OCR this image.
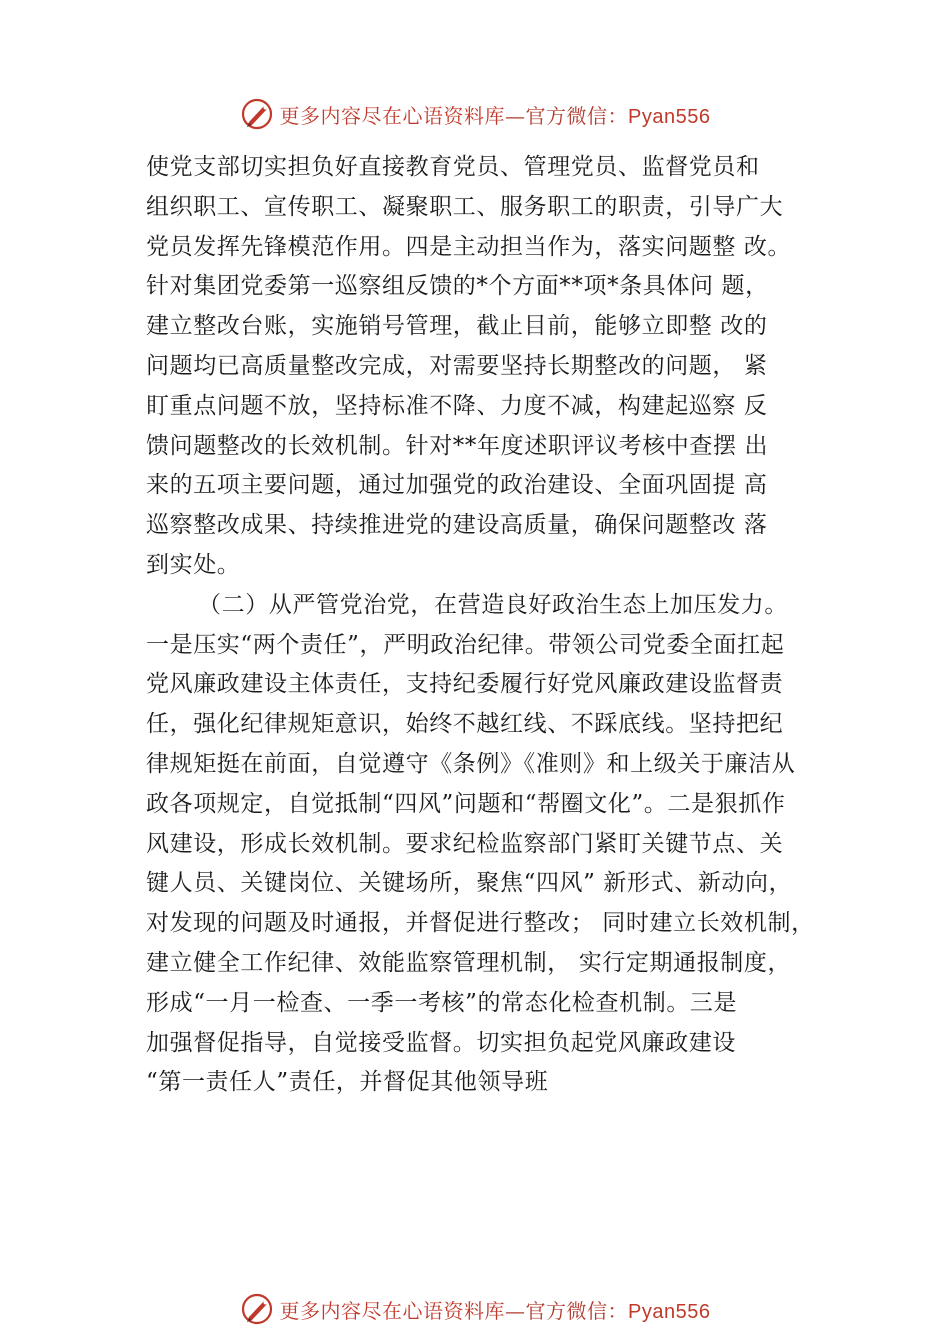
更多内容尽在心语资料库—官方微信：Pyan556
使党支部切实担负好直接教育党员、管理党员、监督党员和
组织职工、宣传职工、凝聚职工、服务职工的职责，引导广大
党员发挥先锋模范作用。四是主动担当作为，落实问题整 改。
针对集团党委第一巡察组反馈的*个方面**项*条具体问 题，
建立整改台账，实施销号管理，截止目前，能够立即整 改的
问题均已高质量整改完成，对需要坚持长期整改的问题， 紧
盯重点问题不放，坚持标准不降、力度不减，构建起巡察 反
馈问题整改的长效机制。针对**年度述职评议考核中查摆 出
来的五项主要问题，通过加强党的政治建设、全面巩固提 高
巡察整改成果、持续推进党的建设高质量，确保问题整改 落
到实处。
（二）从严管党治党，在营造良好政治生态上加压发力。
一是压实“两个责任”，严明政治纪律。带领公司党委全面扛起
党风廉政建设主体责任，支持纪委履行好党风廉政建设监督责
任，强化纪律规矩意识，始终不越红线、不踩底线。坚持把纪
律规矩挺在前面，自觉遵守《条例》《准则》和上级关于廉洁从
政各项规定，自觉抵制“四风”问题和“帮圈文化”。二是狠抓作
风建设，形成长效机制。要求纪检监察部门紧盯关键节点、关
键人员、关键岗位、关键场所，聚焦“四风” 新形式、新动向，
对发现的问题及时通报，并督促进行整改； 同时建立长效机制，
建立健全工作纪律、效能监察管理机制， 实行定期通报制度，
形成“一月一检查、一季一考核”的常态化检查机制。三是
加强督促指导，自觉接受监督。切实担负起党风廉政建设
“第一责任人”责任，并督促其他领导班
更多内容尽在心语资料库—官方微信：Pyan556
